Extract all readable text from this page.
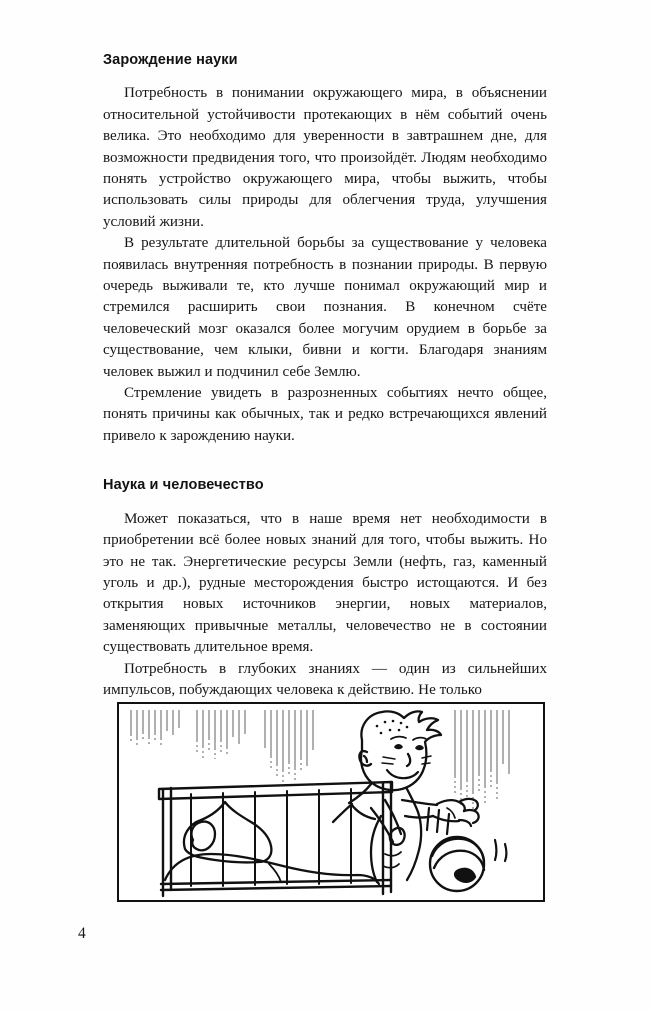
Зарождение науки

Потребность в понимании окружающего мира, в объяснении относительной устойчивости протекающих в нём событий очень велика. Это необходимо для уверенности в завтрашнем дне, для возможности предвидения того, что произойдёт. Людям необходимо понять устройство окружающего мира, чтобы выжить, чтобы использовать силы природы для облегчения труда, улучшения условий жизни.

В результате длительной борьбы за существование у человека появилась внутренняя потребность в познании природы. В первую очередь выживали те, кто лучше понимал окружающий мир и стремился расширить свои познания. В конечном счёте человеческий мозг оказался более могучим орудием в борьбе за существование, чем клыки, бивни и когти. Благодаря знаниям человек выжил и подчинил себе Землю.

Стремление увидеть в разрозненных событиях нечто общее, понять причины как обычных, так и редко встречающихся явлений привело к зарождению науки.

Наука и человечество

Может показаться, что в наше время нет необходимости в приобретении всё более новых знаний для того, чтобы выжить. Но это не так. Энергетические ресурсы Земли (нефть, газ, каменный уголь и др.), рудные месторождения быстро истощаются. И без открытия новых источников энергии, новых материалов, заменяющих привычные металлы, человечество не в состоянии существовать длительное время.

Потребность в глубоких знаниях — один из сильнейших импульсов, побуждающих человека к действию. Не только

4
